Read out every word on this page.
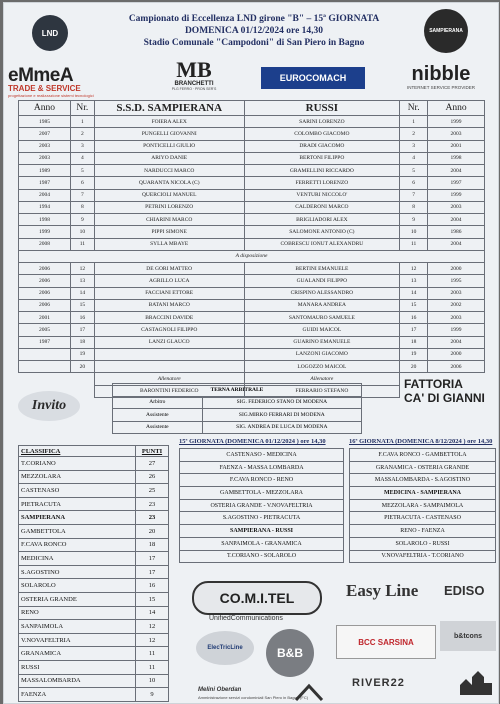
LND	SAMPIERANA
Campionato di Eccellenza LND girone "B" – 15ª GIORNATA
DOMENICA 01/12/2024 ore 14,30
Stadio Comunale "Campodoni" di San Piero in Bagno
eMmeA
TRADE & SERVICE
progettazione e realizzazione sistemi tecnologici
MB
BRANCHETTI
PLG FERRO · PRON SER'S
EUROCOMACH	nibble
INTERNET SERVICE PROVIDER
Anno	Nr.	S.S.D. SAMPIERANA	RUSSI	Nr.	Anno
1985	1	FOIERA ALEX	SARINI LORENZO	1	1999
2007	2	PUNGELLI GIOVANNI	COLOMBO GIACOMO	2	2003
2003	3	PONTICELLI GIULIO	DRADI GIACOMO	3	2001
2003	4	ARIYO DANIE	BERTONI FILIPPO	4	1998
1989	5	NARDUCCI MARCO	GRAMELLINI RICCARDO	5	2004
1987	6	QUARANTA NICOLA (C)	FERRETTI LORENZO	6	1997
2004	7	QUERCIOLI MANUEL	VENTURI NICCOLO'	7	1999
1994	8	PETRINI LORENZO	CALDERONI MARCO	8	2003
1998	9	CHIARINI MARCO	BRIGLIADORI ALEX	9	2004
1999	10	PIPPI SIMONE	SALOMONE ANTONIO (C)	10	1986
2008	11	SYLLA MBAYE	COBRESCU IONUT ALEXANDRU	11	2004
A disposizione					
2006	12	DE GORI MATTEO	BERTINI EMANUELE	12	2000
2006	13	AGRILLO LUCA	GUALANDI FILIPPO	13	1995
2006	14	FACCIANI ETTORE	CRISPINO ALESSANDRO	14	2003
2006	15	BATANI MARCO	MANARA ANDREA	15	2002
2001	16	BRACCINI DAVIDE	SANTOMAURO SAMUELE	16	2003
2005	17	CASTAGNOLI FILIPPO	GUIDI MAICOL	17	1999
1987	18	LANZI GLAUCO	GUARINO EMANUELE	18	2004
	19		LANZONI GIACOMO	19	2000
	20		LOGOZZO MAICOL	20	2006
		Allenatore	Allenatore		
		BARONTINI FEDERICO	FERRARIO STEFANO		
TERNA ARBITRALE	
Arbitro	SIG. FEDERICO STANO DI MODENA
Assistente	SIG.MIRKO FERRARI DI MODENA
Assistente	SIG. ANDREA DE LUCA DI MODENA
Invito
FATTORIA
CA' DI GIANNI
CLASSIFICA	PUNTI
T.CORIANO	27
MEZZOLARA	26
CASTENASO	25
PIETRACUTA	23
SAMPIERANA	23
GAMBETTOLA	20
F.CAVA RONCO	18
MEDICINA	17
S.AGOSTINO	17
SOLAROLO	16
OSTERIA GRANDE	15
RENO	14
SANPAIMOLA	12
V.NOVAFELTRIA	12
GRANAMICA	11
RUSSI	11
MASSALOMBARDA	10
FAENZA	9
15ª GIORNATA (DOMENICA 01/12/2024 ) ore 14,30
CASTENASO - MEDICINA
FAENZA - MASSA LOMBARDA
F.CAVA RONCO - RENO
GAMBETTOLA - MEZZOLARA
OSTERIA GRANDE - V.NOVAFELTRIA
S.AGOSTINO - PIETRACUTA
SAMPIERANA - RUSSI
SANPAIMOLA - GRANAMICA
T.CORIANO - SOLAROLO
16ª GIORNATA (DOMENICA 8/12/2024 ) ore 14,30
F.CAVA RONCO - GAMBETTOLA
GRANAMICA - OSTERIA GRANDE
MASSALOMBARDA - S.AGOSTINO
MEDICINA - SAMPIERANA
MEZZOLARA - SAMPAIMOLA
PIETRACUTA - CASTENASO
RENO - FAENZA
SOLAROLO - RUSSI
V.NOVAFELTRIA - T.CORIANO
CO.M.I.TEL
UnifiedCommunications
Easy Line EDISO
ElecTricLine	B&B
BCC SARSINA
b&tcons
Melini Oberdan
Amministrazione servizi condominiali San Piero in Bagno (FC)
RIVER22
